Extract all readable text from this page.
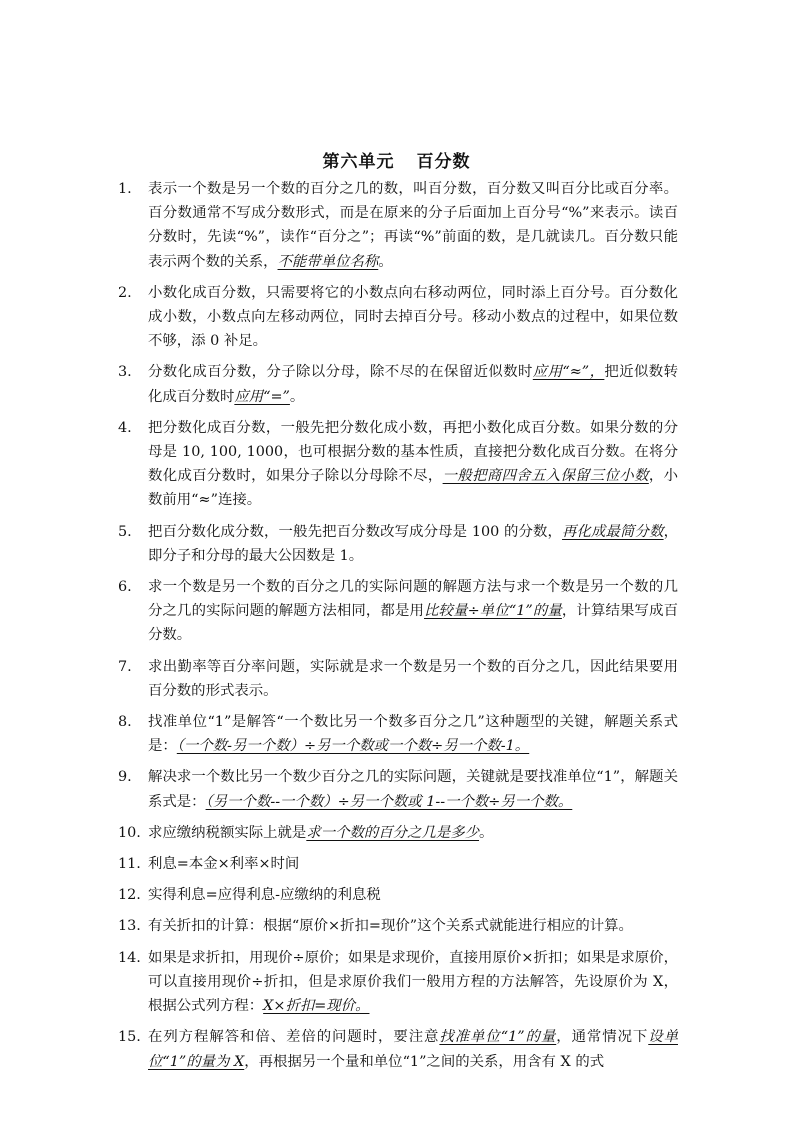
第六单元 百分数
1. 表示一个数是另一个数的百分之几的数，叫百分数，百分数又叫百分比或百分率。百分数通常不写成分数形式，而是在原来的分子后面加上百分号“%”来表示。读百分数时，先读“%”，读作“百分之”；再读“%”前面的数，是几就读几。百分数只能表示两个数的关系，不能带单位名称。
2. 小数化成百分数，只需要将它的小数点向右移动两位，同时添上百分号。百分数化成小数，小数点向左移动两位，同时去掉百分号。移动小数点的过程中，如果位数不够，添 0 补足。
3. 分数化成百分数，分子除以分母，除不尽的在保留近似数时应用“≈”，把近似数转化成百分数时应用“=”。
4. 把分数化成百分数，一般先把分数化成小数，再把小数化成百分数。如果分数的分母是 10, 100, 1000，也可根据分数的基本性质，直接把分数化成百分数。在将分数化成百分数时，如果分子除以分母除不尽，一般把商四舍五入保留三位小数，小数前用“≈”连接。
5. 把百分数化成分数，一般先把百分数改写成分母是 100 的分数，再化成最简分数，即分子和分母的最大公因数是 1。
6. 求一个数是另一个数的百分之几的实际问题的解题方法与求一个数是另一个数的几分之几的实际问题的解题方法相同，都是用比较量÷单位“1”的量，计算结果写成百分数。
7. 求出勤率等百分率问题，实际就是求一个数是另一个数的百分之几，因此结果要用百分数的形式表示。
8. 找准单位“1”是解答“一个数比另一个数多百分之几”这种题型的关键，解题关系式是：（一个数-另一个数）÷另一个数或一个数÷另一个数-1。
9. 解决求一个数比另一个数少百分之几的实际问题，关键就是要找准单位“1”，解题关系式是：（另一个数--一个数）÷另一个数或 1--一个数÷另一个数。
10. 求应缴纳税额实际上就是求一个数的百分之几是多少。
11. 利息=本金×利率×时间
12. 实得利息=应得利息-应缴纳的利息税
13. 有关折扣的计算：根据“原价×折扣=现价”这个关系式就能进行相应的计算。
14. 如果是求折扣，用现价÷原价；如果是求现价，直接用原价×折扣；如果是求原价，可以直接用现价÷折扣，但是求原价我们一般用方程的方法解答，先设原价为 X，根据公式列方程：X×折扣=现价。
15. 在列方程解答和倍、差倍的问题时，要注意找准单位“1”的量，通常情况下设单位“1”的量为 X，再根据另一个量和单位“1”之间的关系，用含有 X 的式
